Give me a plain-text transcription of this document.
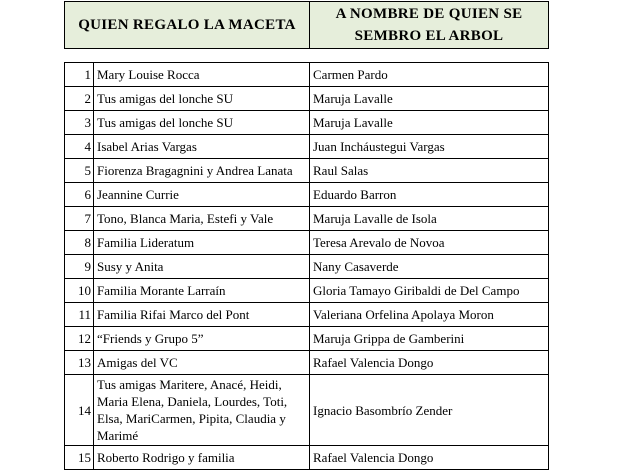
QUIEN REGALO LA MACETA	A NOMBRE DE QUIEN SE SEMBRO EL ARBOL
1	Mary Louise Rocca	Carmen Pardo
2	Tus amigas del lonche SU	Maruja Lavalle
3	Tus amigas del lonche SU	Maruja Lavalle
4	Isabel Arias Vargas	Juan Incháustegui Vargas
5	Fiorenza Bragagnini y Andrea Lanata	Raul Salas
6	Jeannine Currie	Eduardo Barron
7	Tono, Blanca Maria, Estefi y Vale	Maruja Lavalle de Isola
8	Familia Lideratum	Teresa Arevalo de Novoa
9	Susy y Anita	Nany Casaverde
10	Familia Morante Larraín	Gloria Tamayo Giribaldi de Del Campo
11	Familia Rifai Marco del Pont	Valeriana Orfelina Apolaya Moron
12	“Friends y Grupo 5”	Maruja Grippa de Gamberini
13	Amigas del VC	Rafael Valencia Dongo
14	Tus amigas Maritere, Anacé, Heidi, Maria Elena, Daniela, Lourdes, Toti, Elsa, MariCarmen, Pipita, Claudia y Marimé	Ignacio Basombrío Zender
15	Roberto Rodrigo y familia	Rafael Valencia Dongo
